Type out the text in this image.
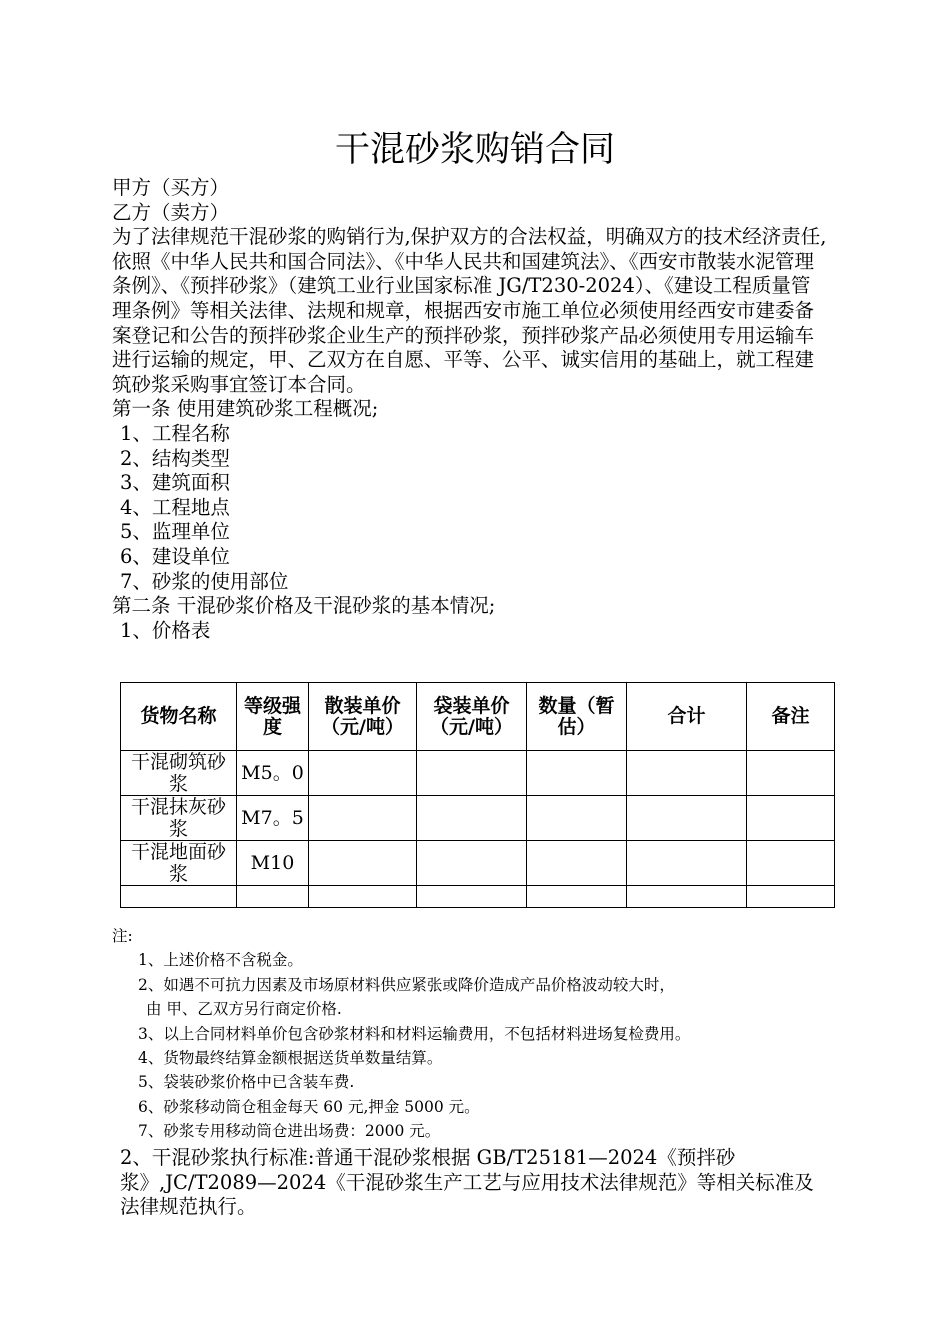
干混砂浆购销合同

甲方（买方）

乙方（卖方）

为了法律规范干混砂浆的购销行为,保护双方的合法权益，明确双方的技术经济责任,依照《中华人民共和国合同法》、《中华人民共和国建筑法》、《西安市散装水泥管理条例》、《预拌砂浆》（建筑工业行业国家标准 JG/T230-2024）、《建设工程质量管理条例》等相关法律、法规和规章，根据西安市施工单位必须使用经西安市建委备案登记和公告的预拌砂浆企业生产的预拌砂浆，预拌砂浆产品必须使用专用运输车进行运输的规定，甲、乙双方在自愿、平等、公平、诚实信用的基础上，就工程建筑砂浆采购事宜签订本合同。

第一条 使用建筑砂浆工程概况;

1、工程名称

2、结构类型

3、建筑面积

4、工程地点

5、监理单位

6、建设单位

7、砂浆的使用部位

第二条 干混砂浆价格及干混砂浆的基本情况;

1、价格表

货物名称	等级强度	散装单价（元/吨）	袋装单价（元/吨）	数量（暂估）	合计	备注
干混砌筑砂浆	M5。0					
干混抹灰砂浆	M7。5					
干混地面砂浆	M10					

注:

1、上述价格不含税金。

2、如遇不可抗力因素及市场原材料供应紧张或降价造成产品价格波动较大时，

由 甲、乙双方另行商定价格.

3、以上合同材料单价包含砂浆材料和材料运输费用，不包括材料进场复检费用。

4、货物最终结算金额根据送货单数量结算。

5、袋装砂浆价格中已含装车费.

6、砂浆移动筒仓租金每天 60 元,押金 5000 元。

7、砂浆专用移动筒仓进出场费：2000 元。

2、干混砂浆执行标准:普通干混砂浆根据 GB/T25181—2024《预拌砂浆》,JC/T2089—2024《干混砂浆生产工艺与应用技术法律规范》等相关标准及法律规范执行。
